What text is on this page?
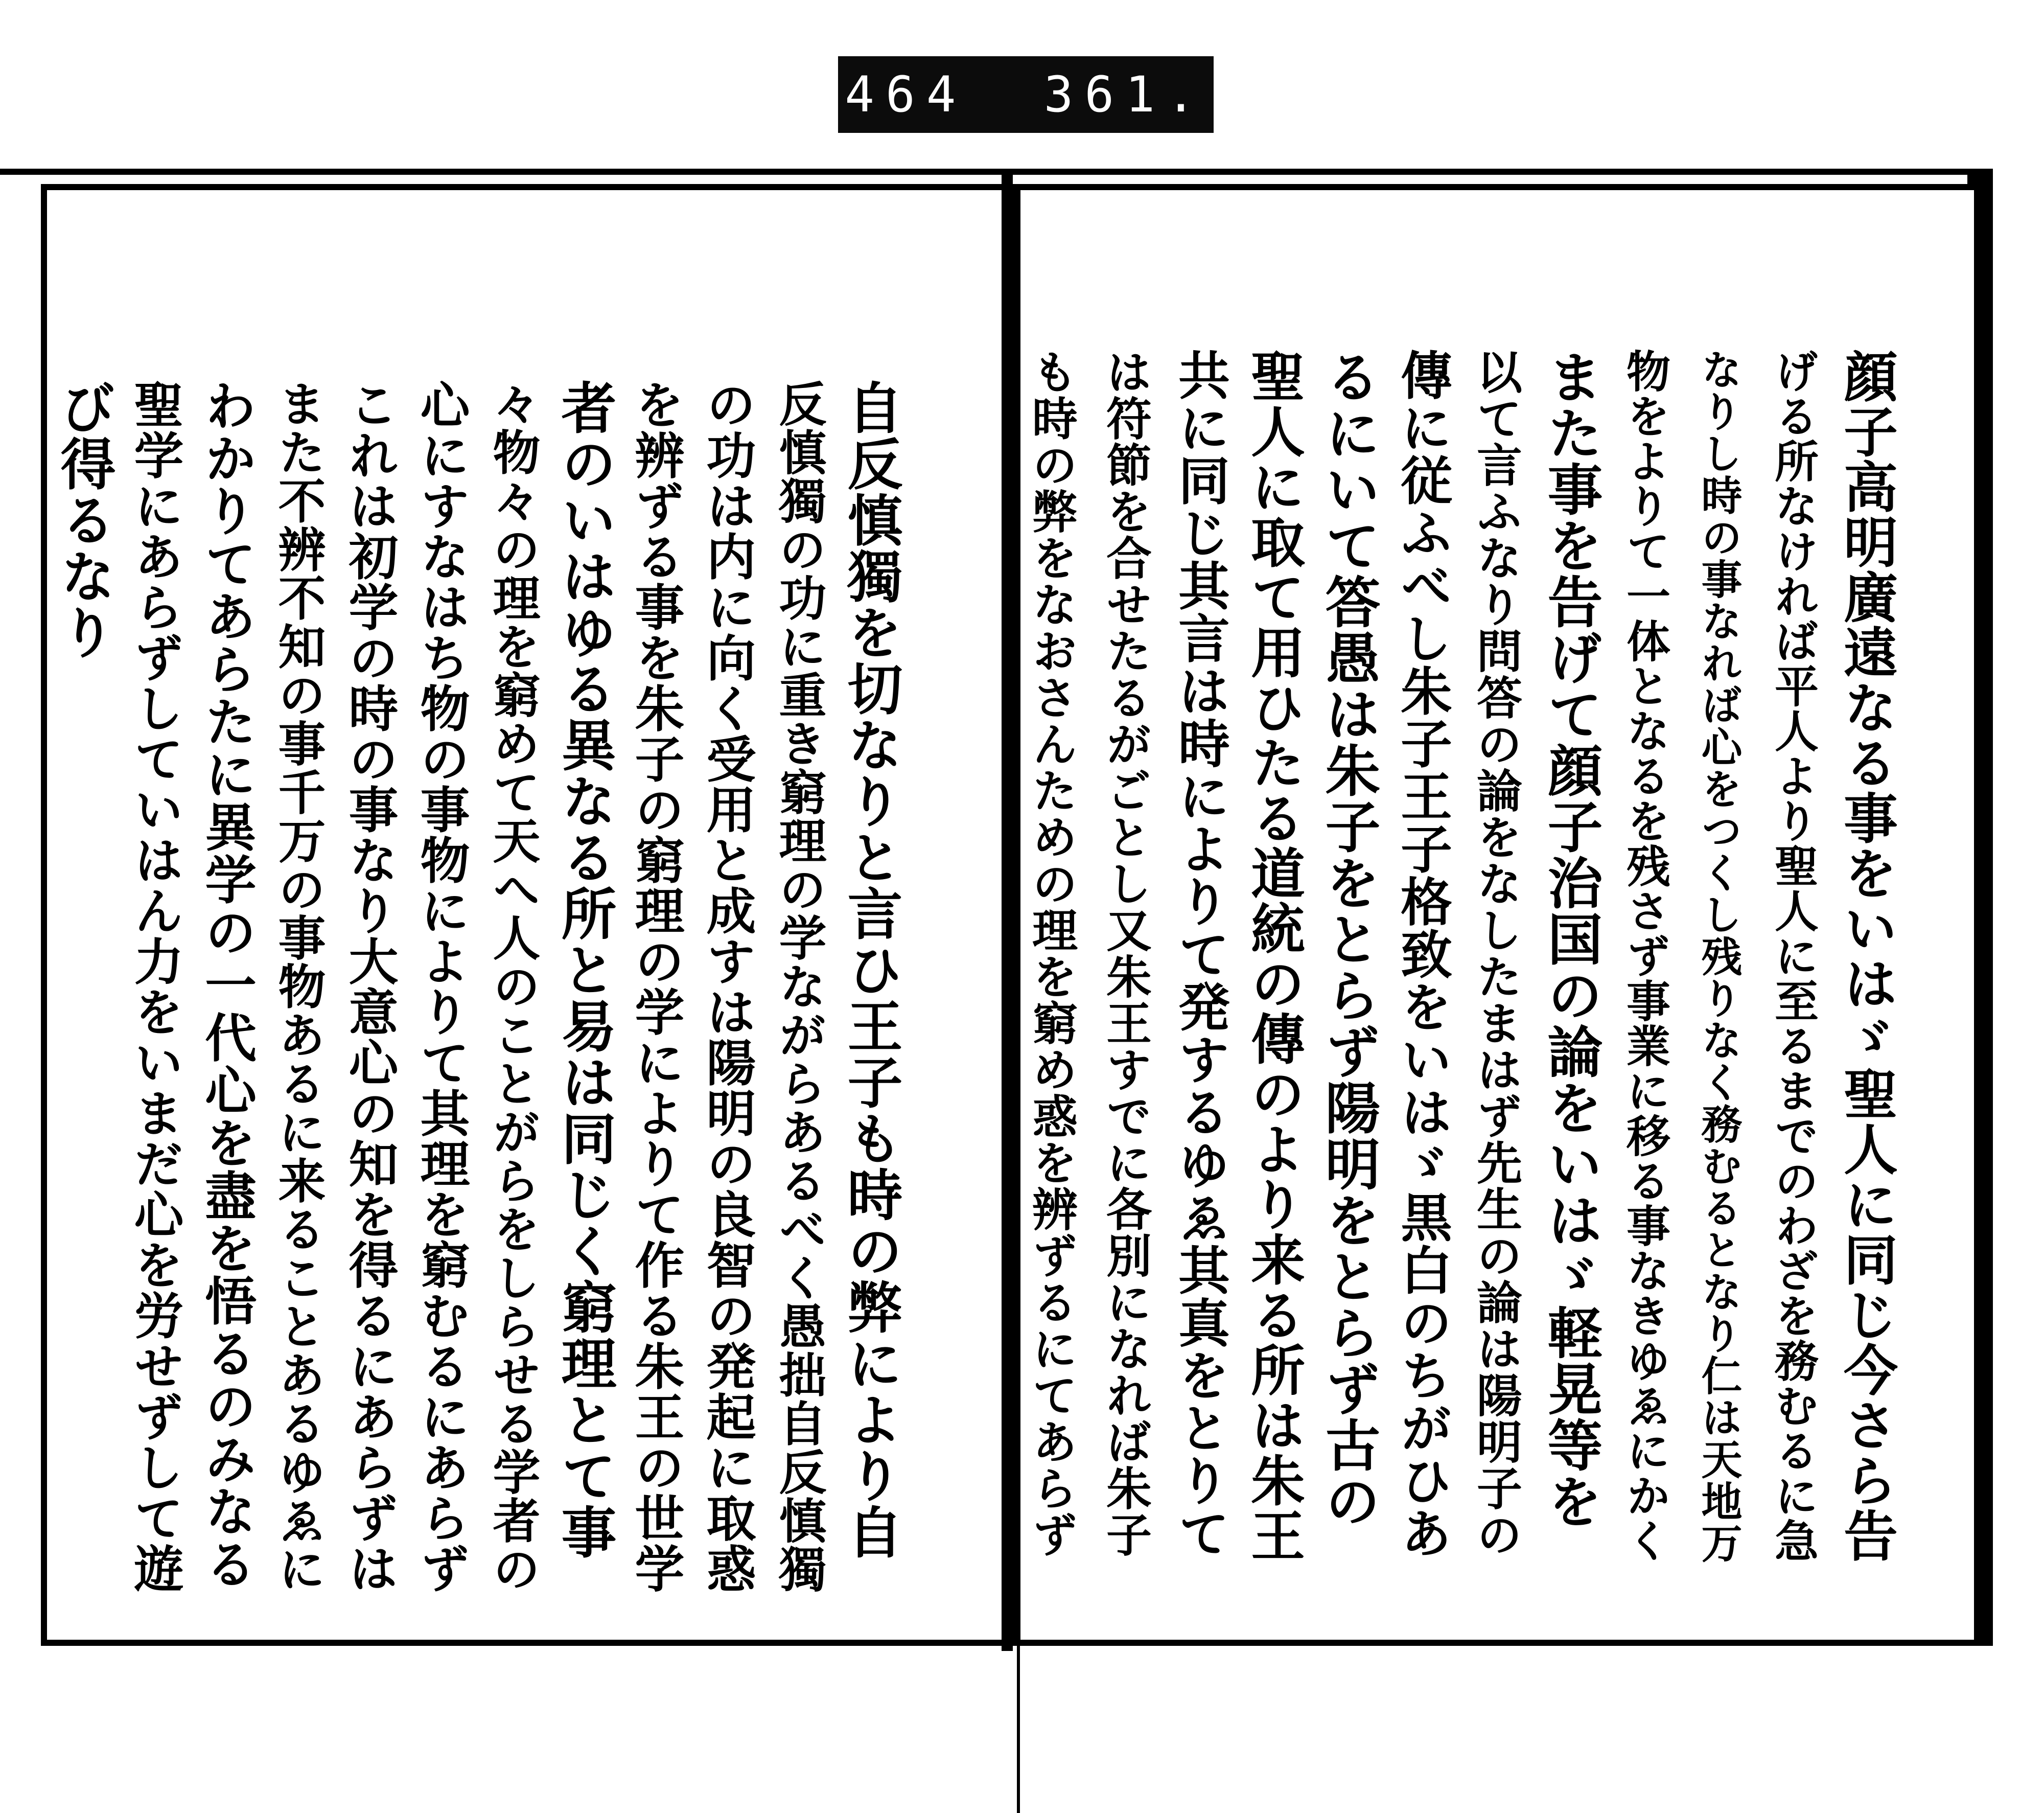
464 361.
自反慎獨を切なりと言ひ王子も時の弊により自
反慎獨の功に重き窮理の学ながらあるべく愚拙自反慎獨
の功は内に向く受用と成すは陽明の良智の発起に取惑
を辨ずる事を朱子の窮理の学によりて作る朱王の世学
者のいはゆる異なる所と易は同じく窮理とて事
々物々の理を窮めて天へ人のことがらをしらせる学者の
心にすなはち物の事物によりて其理を窮むるにあらず
これは初学の時の事なり大意心の知を得るにあらずは
また不辨不知の事千万の事物あるに来ることあるゆゑに
わかりてあらたに異学の一代心を盡を悟るのみなる
聖学にあらずしていはん力をいまだ心を労せずして遊
び得るなり	顔子高明廣遠なる事をいはゞ聖人に同じ今さら告
げる所なければ平人より聖人に至るまでのわざを務むるに急
なりし時の事なれば心をつくし残りなく務むるとなり仁は天地万
物をよりて一体となるを残さず事業に移る事なきゆゑにかく
また事を告げて顔子治国の論をいはゞ軽晃等を
以て言ふなり問答の論をなしたまはず先生の論は陽明子の
傳に従ふべし朱子王子格致をいはゞ黒白のちがひあ
るにいて答愚は朱子をとらず陽明をとらず古の
聖人に取て用ひたる道統の傳のより来る所は朱王
共に同じ其言は時によりて発するゆゑ其真をとりて
は符節を合せたるがごとし又朱王すでに各別になれば朱子
も時の弊をなおさんための理を窮め惑を辨ずるにてあらず
